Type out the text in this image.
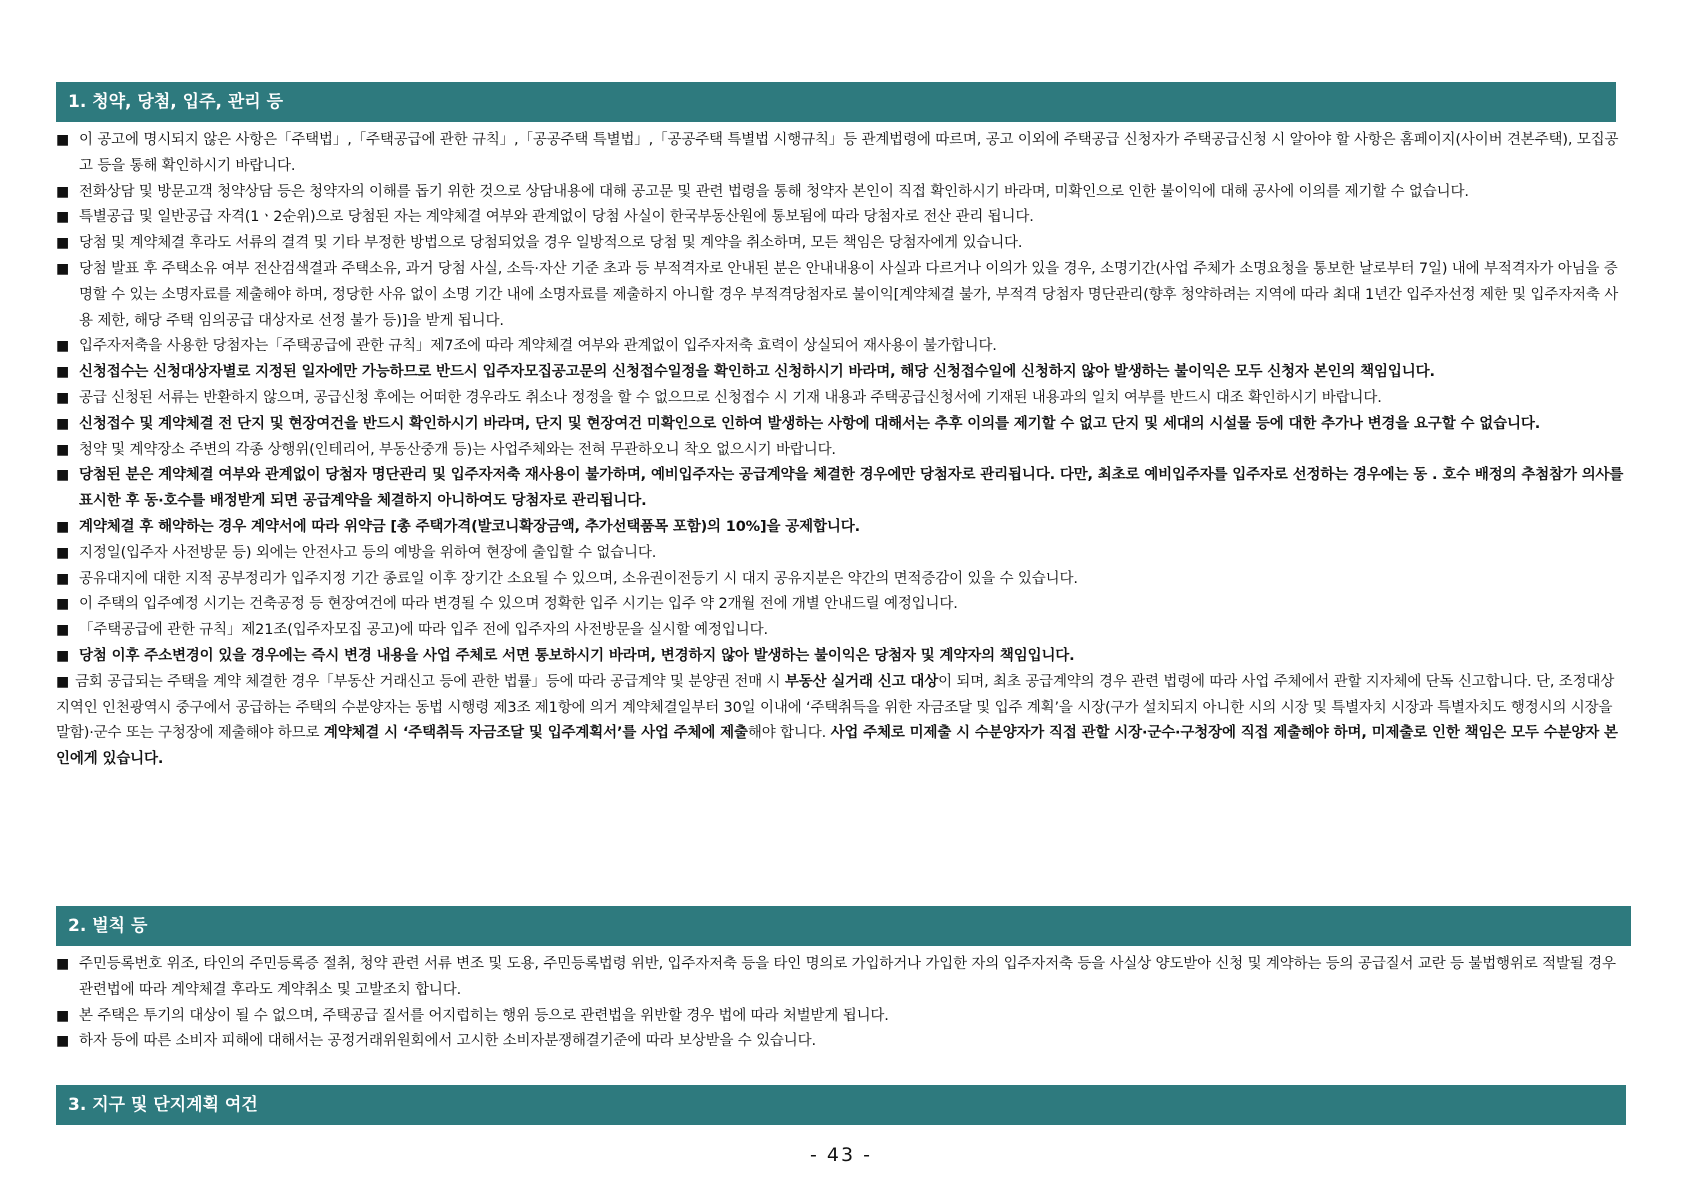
1. 청약, 당첨, 입주, 관리 등
■ 이 공고에 명시되지 않은 사항은「주택법」,「주택공급에 관한 규칙」,「공공주택 특별법」,「공공주택 특별법 시행규칙」등 관계법령에 따르며, 공고 이외에 주택공급 신청자가 주택공급신청 시 알아야 할 사항은 홈페이지(사이버 견본주택), 모집공고 등을 통해 확인하시기 바랍니다.
■ 전화상담 및 방문고객 청약상담 등은 청약자의 이해를 돕기 위한 것으로 상담내용에 대해 공고문 및 관련 법령을 통해 청약자 본인이 직접 확인하시기 바라며, 미확인으로 인한 불이익에 대해 공사에 이의를 제기할 수 없습니다.
■ 특별공급 및 일반공급 자격(1ㆍ2순위)으로 당첨된 자는 계약체결 여부와 관계없이 당첨 사실이 한국부동산원에 통보됨에 따라 당첨자로 전산 관리 됩니다.
■ 당첨 및 계약체결 후라도 서류의 결격 및 기타 부정한 방법으로 당첨되었을 경우 일방적으로 당첨 및 계약을 취소하며, 모든 책임은 당첨자에게 있습니다.
■ 당첨 발표 후 주택소유 여부 전산검색결과 주택소유, 과거 당첨 사실, 소득·자산 기준 초과 등 부적격자로 안내된 분은 안내내용이 사실과 다르거나 이의가 있을 경우, 소명기간(사업 주체가 소명요청을 통보한 날로부터 7일) 내에 부적격자가 아님을 증명할 수 있는 소명자료를 제출해야 하며, 정당한 사유 없이 소명 기간 내에 소명자료를 제출하지 아니할 경우 부적격당첨자로 불이익[계약체결 불가, 부적격 당첨자 명단관리(향후 청약하려는 지역에 따라 최대 1년간 입주자선정 제한 및 입주자저축 사용 제한, 해당 주택 임의공급 대상자로 선정 불가 등)]을 받게 됩니다.
■ 입주자저축을 사용한 당첨자는「주택공급에 관한 규칙」제7조에 따라 계약체결 여부와 관계없이 입주자저축 효력이 상실되어 재사용이 불가합니다.
■ 신청접수는 신청대상자별로 지정된 일자에만 가능하므로 반드시 입주자모집공고문의 신청접수일정을 확인하고 신청하시기 바라며, 해당 신청접수일에 신청하지 않아 발생하는 불이익은 모두 신청자 본인의 책임입니다.
■ 공급 신청된 서류는 반환하지 않으며, 공급신청 후에는 어떠한 경우라도 취소나 정정을 할 수 없으므로 신청접수 시 기재 내용과 주택공급신청서에 기재된 내용과의 일치 여부를 반드시 대조 확인하시기 바랍니다.
■ 신청접수 및 계약체결 전 단지 및 현장여건을 반드시 확인하시기 바라며, 단지 및 현장여건 미확인으로 인하여 발생하는 사항에 대해서는 추후 이의를 제기할 수 없고 단지 및 세대의 시설물 등에 대한 추가나 변경을 요구할 수 없습니다.
■ 청약 및 계약장소 주변의 각종 상행위(인테리어, 부동산중개 등)는 사업주체와는 전혀 무관하오니 착오 없으시기 바랍니다.
■ 당첨된 분은 계약체결 여부와 관계없이 당첨자 명단관리 및 입주자저축 재사용이 불가하며, 예비입주자는 공급계약을 체결한 경우에만 당첨자로 관리됩니다. 다만, 최초로 예비입주자를 입주자로 선정하는 경우에는 동 . 호수 배정의 추첨참가 의사를 표시한 후 동·호수를 배정받게 되면 공급계약을 체결하지 아니하여도 당첨자로 관리됩니다.
■ 계약체결 후 해약하는 경우 계약서에 따라 위약금 [총 주택가격(발코니확장금액, 추가선택품목 포함)의 10%]을 공제합니다.
■ 지정일(입주자 사전방문 등) 외에는 안전사고 등의 예방을 위하여 현장에 출입할 수 없습니다.
■ 공유대지에 대한 지적 공부정리가 입주지정 기간 종료일 이후 장기간 소요될 수 있으며, 소유권이전등기 시 대지 공유지분은 약간의 면적증감이 있을 수 있습니다.
■ 이 주택의 입주예정 시기는 건축공정 등 현장여건에 따라 변경될 수 있으며 정확한 입주 시기는 입주 약 2개월 전에 개별 안내드릴 예정입니다.
■ 「주택공급에 관한 규칙」제21조(입주자모집 공고)에 따라 입주 전에 입주자의 사전방문을 실시할 예정입니다.
■ 당첨 이후 주소변경이 있을 경우에는 즉시 변경 내용을 사업 주체로 서면 통보하시기 바라며, 변경하지 않아 발생하는 불이익은 당첨자 및 계약자의 책임입니다.
■ 금회 공급되는 주택을 계약 체결한 경우「부동산 거래신고 등에 관한 법률」등에 따라 공급계약 및 분양권 전매 시 부동산 실거래 신고 대상이 되며, 최초 공급계약의 경우 관련 법령에 따라 사업 주체에서 관할 지자체에 단독 신고합니다. 단, 조정대상지역인 인천광역시 중구에서 공급하는 주택의 수분양자는 동법 시행령 제3조 제1항에 의거 계약체결일부터 30일 이내에 ‘주택취득을 위한 자금조달 및 입주 계획’을 시장(구가 설치되지 아니한 시의 시장 및 특별자치 시장과 특별자치도 행정시의 시장을 말함)·군수 또는 구청장에 제출해야 하므로 계약체결 시 ‘주택취득 자금조달 및 입주계획서’를 사업 주체에 제출해야 합니다. 사업 주체로 미제출 시 수분양자가 직접 관할 시장·군수·구청장에 직접 제출해야 하며, 미제출로 인한 책임은 모두 수분양자 본인에게 있습니다.
2. 벌칙 등
■ 주민등록번호 위조, 타인의 주민등록증 절취, 청약 관련 서류 변조 및 도용, 주민등록법령 위반, 입주자저축 등을 타인 명의로 가입하거나 가입한 자의 입주자저축 등을 사실상 양도받아 신청 및 계약하는 등의 공급질서 교란 등 불법행위로 적발될 경우 관련법에 따라 계약체결 후라도 계약취소 및 고발조치 합니다.
■ 본 주택은 투기의 대상이 될 수 없으며, 주택공급 질서를 어지럽히는 행위 등으로 관련법을 위반할 경우 법에 따라 처벌받게 됩니다.
■ 하자 등에 따른 소비자 피해에 대해서는 공정거래위원회에서 고시한 소비자분쟁해결기준에 따라 보상받을 수 있습니다.
3. 지구 및 단지계획 여건
- 43 -
